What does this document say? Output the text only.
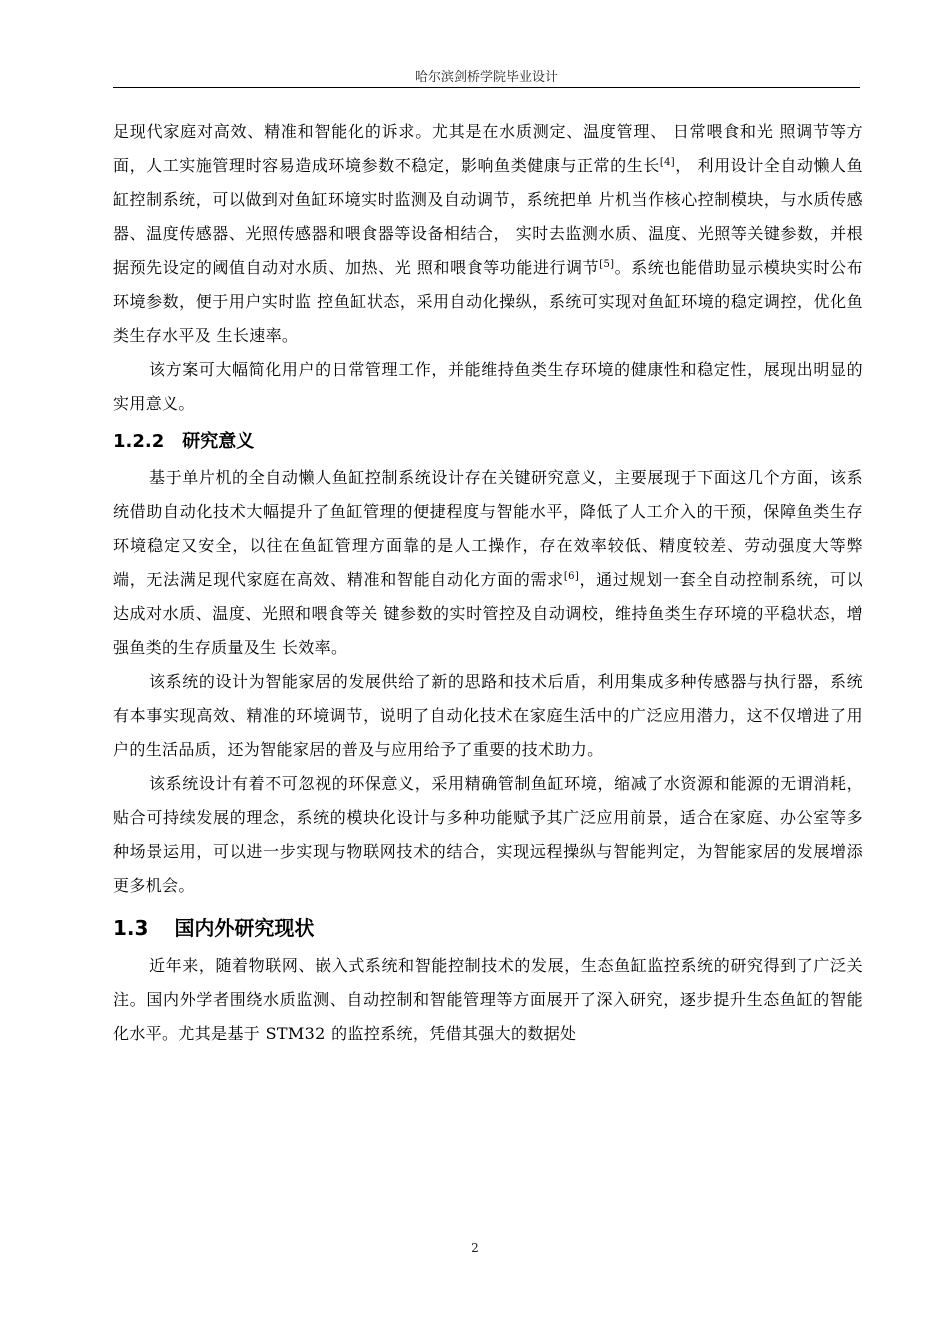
哈尔滨剑桥学院毕业设计

足现代家庭对高效、精准和智能化的诉求。尤其是在水质测定、温度管理、 日常喂食和光 照调节等方面，人工实施管理时容易造成环境参数不稳定，影响鱼类健康与正常的生长[4]， 利用设计全自动懒人鱼缸控制系统，可以做到对鱼缸环境实时监测及自动调节，系统把单 片机当作核心控制模块，与水质传感器、温度传感器、光照传感器和喂食器等设备相结合， 实时去监测水质、温度、光照等关键参数，并根据预先设定的阈值自动对水质、加热、光 照和喂食等功能进行调节[5]。系统也能借助显示模块实时公布环境参数，便于用户实时监 控鱼缸状态，采用自动化操纵，系统可实现对鱼缸环境的稳定调控，优化鱼类生存水平及 生长速率。

该方案可大幅简化用户的日常管理工作，并能维持鱼类生存环境的健康性和稳定性，展现出明显的实用意义。

1.2.2 研究意义

基于单片机的全自动懒人鱼缸控制系统设计存在关键研究意义，主要展现于下面这几个方面，该系统借助自动化技术大幅提升了鱼缸管理的便捷程度与智能水平，降低了人工介入的干预，保障鱼类生存环境稳定又安全，以往在鱼缸管理方面靠的是人工操作，存在效率较低、精度较差、劳动强度大等弊端，无法满足现代家庭在高效、精准和智能自动化方面的需求[6]，通过规划一套全自动控制系统，可以达成对水质、温度、光照和喂食等关 键参数的实时管控及自动调校，维持鱼类生存环境的平稳状态，增强鱼类的生存质量及生 长效率。

该系统的设计为智能家居的发展供给了新的思路和技术后盾，利用集成多种传感器与执行器，系统有本事实现高效、精准的环境调节，说明了自动化技术在家庭生活中的广泛应用潜力，这不仅增进了用户的生活品质，还为智能家居的普及与应用给予了重要的技术助力。

该系统设计有着不可忽视的环保意义，采用精确管制鱼缸环境，缩减了水资源和能源的无谓消耗，贴合可持续发展的理念，系统的模块化设计与多种功能赋予其广泛应用前景，适合在家庭、办公室等多种场景运用，可以进一步实现与物联网技术的结合，实现远程操纵与智能判定，为智能家居的发展增添更多机会。

1.3 国内外研究现状

近年来，随着物联网、嵌入式系统和智能控制技术的发展，生态鱼缸监控系统的研究得到了广泛关注。国内外学者围绕水质监测、自动控制和智能管理等方面展开了深入研究，逐步提升生态鱼缸的智能化水平。尤其是基于 STM32 的监控系统，凭借其强大的数据处

2
